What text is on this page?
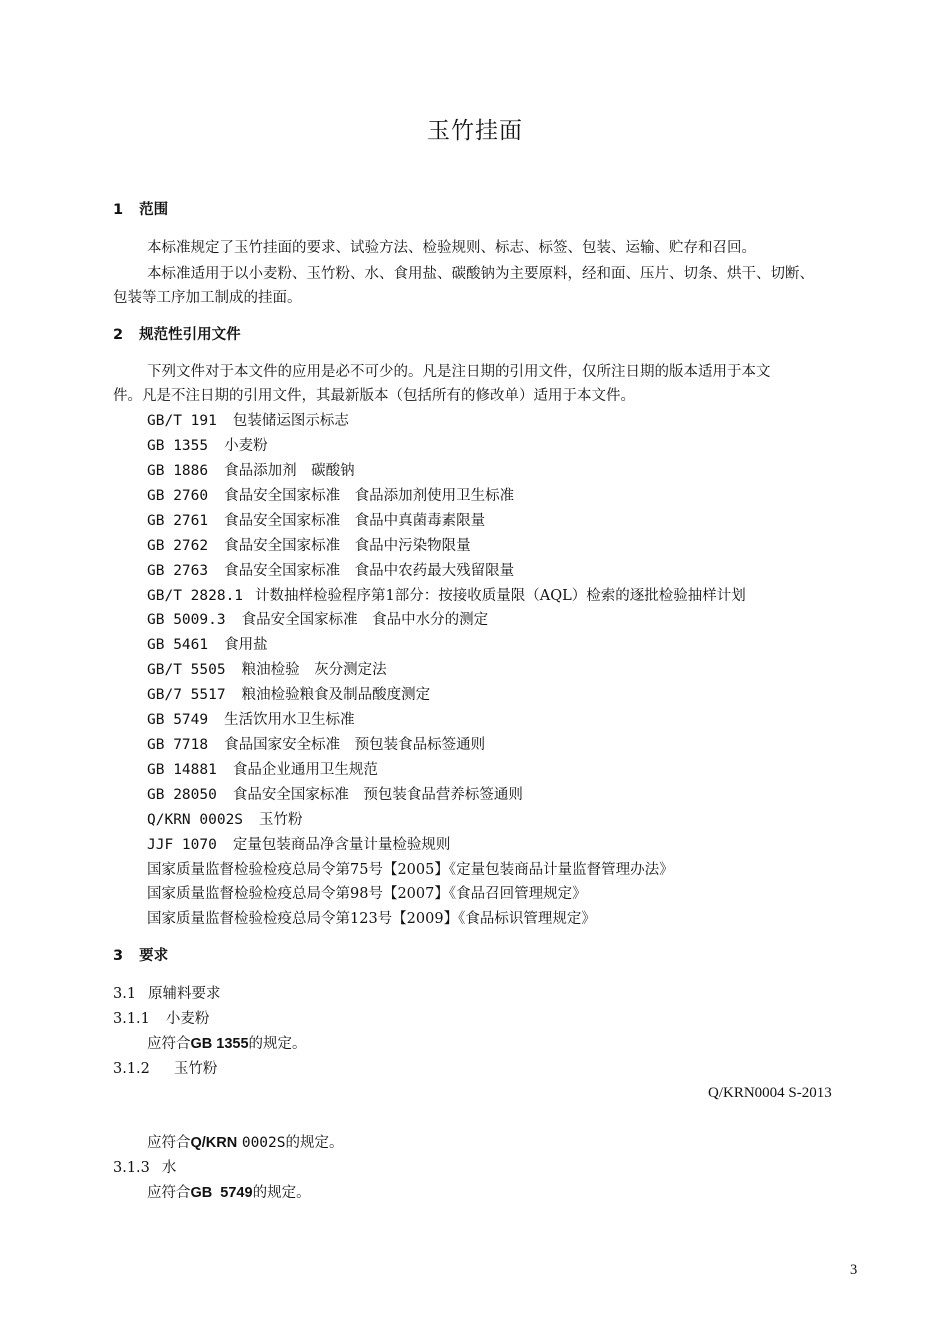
玉竹挂面
1 范围
本标准规定了玉竹挂面的要求、试验方法、检验规则、标志、标签、包装、运输、贮存和召回。
本标准适用于以小麦粉、玉竹粉、水、食用盐、碳酸钠为主要原料，经和面、压片、切条、烘干、切断、
包装等工序加工制成的挂面。
2 规范性引用文件
下列文件对于本文件的应用是必不可少的。凡是注日期的引用文件，仅所注日期的版本适用于本文
件。凡是不注日期的引用文件，其最新版本（包括所有的修改单）适用于本文件。
GB/T 191 包装储运图示标志
GB 1355 小麦粉
GB 1886 食品添加剂　碳酸钠
GB 2760 食品安全国家标准　食品添加剂使用卫生标准
GB 2761 食品安全国家标准　食品中真菌毒素限量
GB 2762 食品安全国家标准　食品中污染物限量
GB 2763 食品安全国家标准　食品中农药最大残留限量
GB/T 2828.1 计数抽样检验程序第1部分：按接收质量限（AQL）检索的逐批检验抽样计划
GB 5009.3 食品安全国家标准　食品中水分的测定
GB 5461 食用盐
GB/T 5505 粮油检验　灰分测定法
GB/7 5517 粮油检验粮食及制品酸度测定
GB 5749 生活饮用水卫生标准
GB 7718 食品国家安全标准　预包装食品标签通则
GB 14881 食品企业通用卫生规范
GB 28050 食品安全国家标准　预包装食品营养标签通则
Q/KRN 0002S 玉竹粉
JJF 1070 定量包装商品净含量计量检验规则
国家质量监督检验检疫总局令第75号【2005】《定量包装商品计量监督管理办法》
国家质量监督检验检疫总局令第98号【2007】《食品召回管理规定》
国家质量监督检验检疫总局令第123号【2009】《食品标识管理规定》
3 要求
3.1 原辅料要求
3.1.1 小麦粉
应符合GB 1355的规定。
3.1.2 玉竹粉
Q/KRN0004 S-2013
应符合Q/KRN 0002S的规定。
3.1.3 水
应符合GB  5749的规定。
3
